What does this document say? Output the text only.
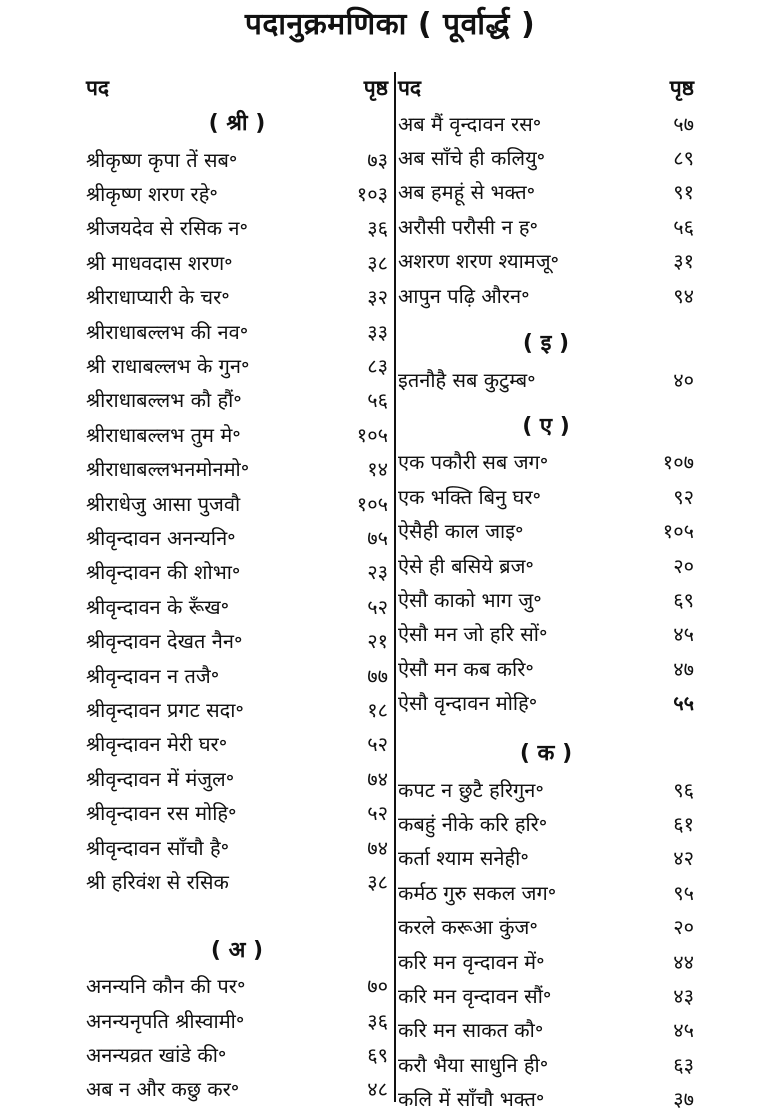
पदानुक्रमणिका ( पूर्वार्द्ध )
पद	पृष्ठ
( श्री )
श्रीकृष्ण कृपा तें सब॰	७३
श्रीकृष्ण शरण रहे॰	१०३
श्रीजयदेव से रसिक न॰	३६
श्री माधवदास शरण॰	३८
श्रीराधाप्यारी के चर॰	३२
श्रीराधाबल्लभ की नव॰	३३
श्री राधाबल्लभ के गुन॰	८३
श्रीराधाबल्लभ कौ हौं॰	५६
श्रीराधाबल्लभ तुम मे॰	१०५
श्रीराधाबल्लभनमोनमो॰	१४
श्रीराधेजु आसा पुजवौ	१०५
श्रीवृन्दावन अनन्यनि॰	७५
श्रीवृन्दावन की शोभा॰	२३
श्रीवृन्दावन के रूँख॰	५२
श्रीवृन्दावन देखत नैन॰	२१
श्रीवृन्दावन न तजै॰	७७
श्रीवृन्दावन प्रगट सदा॰	१८
श्रीवृन्दावन मेरी घर॰	५२
श्रीवृन्दावन में मंजुल॰	७४
श्रीवृन्दावन रस मोहि॰	५२
श्रीवृन्दावन साँचौ है॰	७४
श्री हरिवंश से रसिक	३८
( अ )
अनन्यनि कौन की पर॰	७०
अनन्यनृपति श्रीस्वामी॰	३६
अनन्यव्रत खांडे की॰	६९
अब न और कछु कर॰	४८
पद	पृष्ठ
अब मैं वृन्दावन रस॰	५७
अब साँचे ही कलियु॰	८९
अब हमहूं से भक्त॰	९१
अरौसी परौसी न ह॰	५६
अशरण शरण श्यामजू॰	३१
आपुन पढ़ि औरन॰	९४
( इ )
इतनौहै सब कुटुम्ब॰	४०
( ए )
एक पकौरी सब जग॰	१०७
एक भक्ति बिनु घर॰	९२
ऐसैही काल जाइ॰	१०५
ऐसे ही बसिये ब्रज॰	२०
ऐसौ काको भाग जु॰	६९
ऐसौ मन जो हरि सों॰	४५
ऐसौ मन कब करि॰	४७
ऐसौ वृन्दावन मोहि॰	५५
( क )
कपट न छुटै हरिगुन॰	९६
कबहुं नीके करि हरि॰	६१
कर्ता श्याम सनेही॰	४२
कर्मठ गुरु सकल जग॰	९५
करले करूआ कुंज॰	२०
करि मन वृन्दावन में॰	४४
करि मन वृन्दावन सौं॰	४३
करि मन साकत कौ॰	४५
करौ भैया साधुनि ही॰	६३
कलि में साँचौ भक्त॰	३७
